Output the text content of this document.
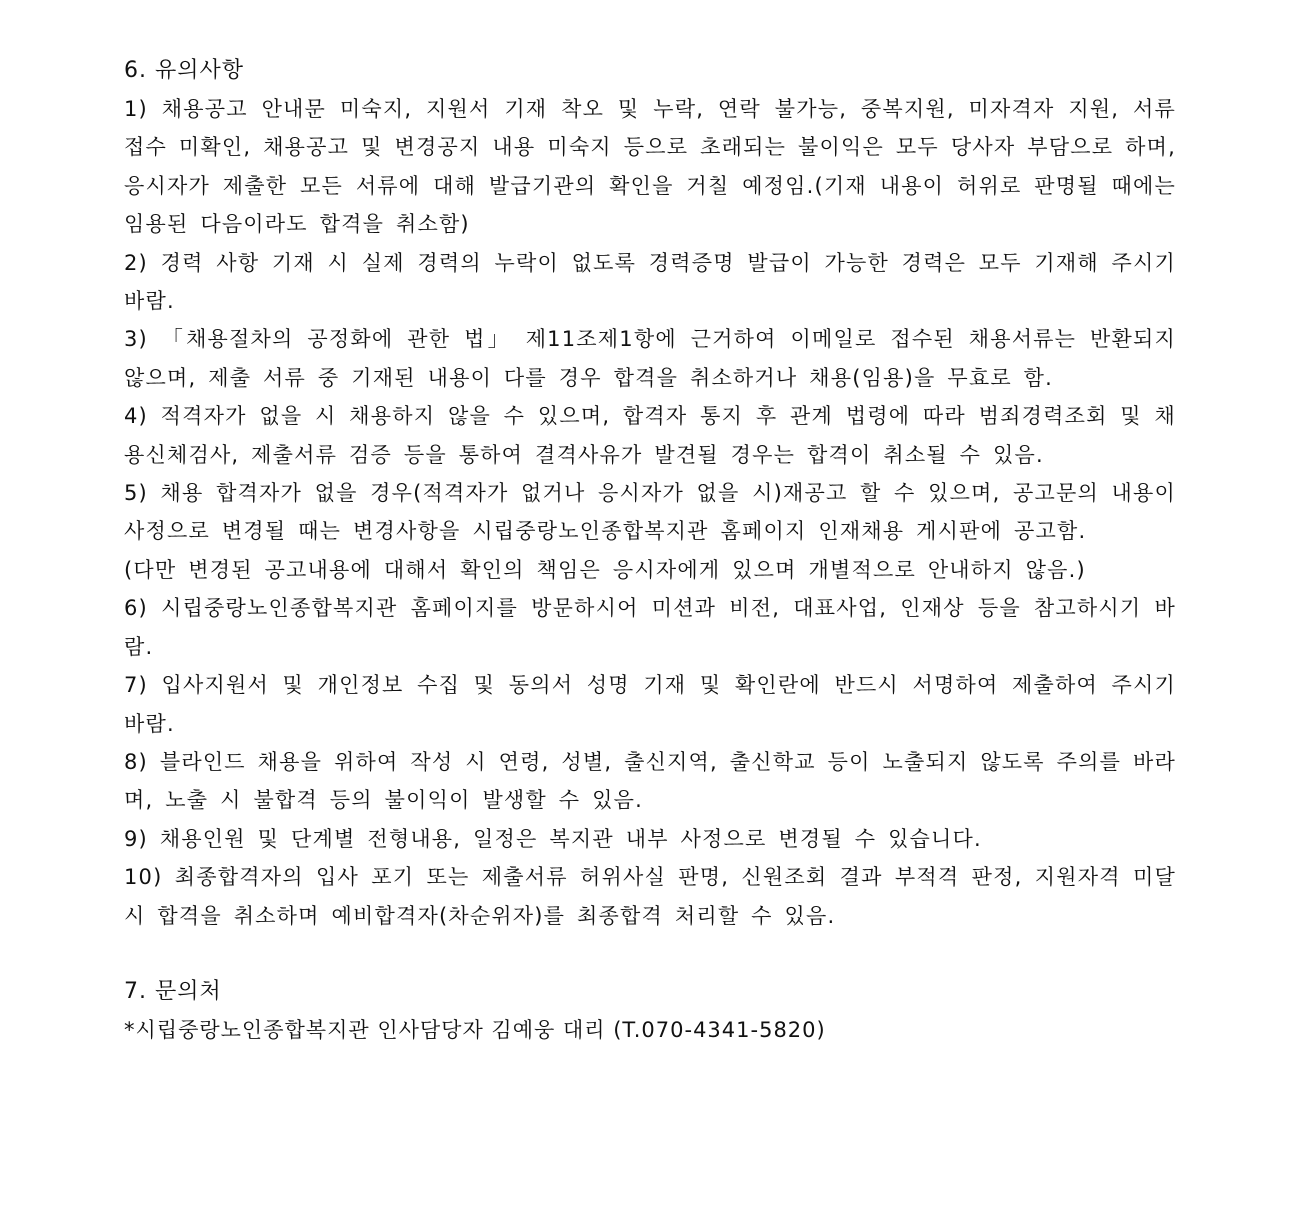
6. 유의사항

1) 채용공고 안내문 미숙지, 지원서 기재 착오 및 누락, 연락 불가능, 중복지원, 미자격자 지원, 서류 접수 미확인, 채용공고 및 변경공지 내용 미숙지 등으로 초래되는 불이익은 모두 당사자 부담으로 하며, 응시자가 제출한 모든 서류에 대해 발급기관의 확인을 거칠 예정임.(기재 내용이 허위로 판명될 때에는 임용된 다음이라도 합격을 취소함)

2) 경력 사항 기재 시 실제 경력의 누락이 없도록 경력증명 발급이 가능한 경력은 모두 기재해 주시기 바람.

3) 「채용절차의 공정화에 관한 법」 제11조제1항에 근거하여 이메일로 접수된 채용서류는 반환되지 않으며, 제출 서류 중 기재된 내용이 다를 경우 합격을 취소하거나 채용(임용)을 무효로 함.

4) 적격자가 없을 시 채용하지 않을 수 있으며, 합격자 통지 후 관계 법령에 따라 범죄경력조회 및 채용신체검사, 제출서류 검증 등을 통하여 결격사유가 발견될 경우는 합격이 취소될 수 있음.

5) 채용 합격자가 없을 경우(적격자가 없거나 응시자가 없을 시)재공고 할 수 있으며, 공고문의 내용이 사정으로 변경될 때는 변경사항을 시립중랑노인종합복지관 홈페이지 인재채용 게시판에 공고함.

(다만 변경된 공고내용에 대해서 확인의 책임은 응시자에게 있으며 개별적으로 안내하지 않음.)

6) 시립중랑노인종합복지관 홈페이지를 방문하시어 미션과 비전, 대표사업, 인재상 등을 참고하시기 바람.

7) 입사지원서 및 개인정보 수집 및 동의서 성명 기재 및 확인란에 반드시 서명하여 제출하여 주시기 바람.

8) 블라인드 채용을 위하여 작성 시 연령, 성별, 출신지역, 출신학교 등이 노출되지 않도록 주의를 바라며, 노출 시 불합격 등의 불이익이 발생할 수 있음.

9) 채용인원 및 단계별 전형내용, 일정은 복지관 내부 사정으로 변경될 수 있습니다.

10) 최종합격자의 입사 포기 또는 제출서류 허위사실 판명, 신원조회 결과 부적격 판정, 지원자격 미달 시 합격을 취소하며 예비합격자(차순위자)를 최종합격 처리할 수 있음.

7. 문의처

*시립중랑노인종합복지관 인사담당자 김예웅 대리 (T.070-4341-5820)
